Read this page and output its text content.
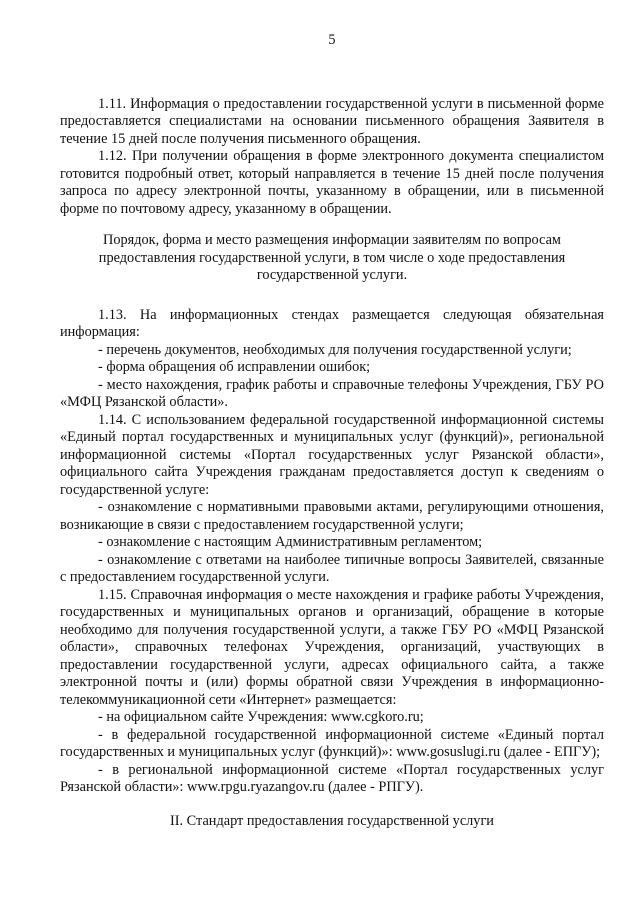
5

1.11. Информация о предоставлении государственной услуги в письменной форме предоставляется специалистами на основании письменного обращения Заявителя в течение 15 дней после получения письменного обращения.

1.12. При получении обращения в форме электронного документа специалистом готовится подробный ответ, который направляется в течение 15 дней после получения запроса по адресу электронной почты, указанному в обращении, или в письменной форме по почтовому адресу, указанному в обращении.

Порядок, форма и место размещения информации заявителям по вопросам предоставления государственной услуги, в том числе о ходе предоставления государственной услуги.

1.13. На информационных стендах размещается следующая обязательная информация:

- перечень документов, необходимых для получения государственной услуги;

- форма обращения об исправлении ошибок;

- место нахождения, график работы и справочные телефоны Учреждения, ГБУ РО «МФЦ Рязанской области».

1.14. С использованием федеральной государственной информационной системы «Единый портал государственных и муниципальных услуг (функций)», региональной информационной системы «Портал государственных услуг Рязанской области», официального сайта Учреждения гражданам предоставляется доступ к сведениям о государственной услуге:

- ознакомление с нормативными правовыми актами, регулирующими отношения, возникающие в связи с предоставлением государственной услуги;

- ознакомление с настоящим Административным регламентом;

- ознакомление с ответами на наиболее типичные вопросы Заявителей, связанные с предоставлением государственной услуги.

1.15. Справочная информация о месте нахождения и графике работы Учреждения, государственных и муниципальных органов и организаций, обращение в которые необходимо для получения государственной услуги, а также ГБУ РО «МФЦ Рязанской области», справочных телефонах Учреждения, организаций, участвующих в предоставлении государственной услуги, адресах официального сайта, а также электронной почты и (или) формы обратной связи Учреждения в информационно-телекоммуникационной сети «Интернет» размещается:

- на официальном сайте Учреждения: www.cgkoro.ru;

- в федеральной государственной информационной системе «Единый портал государственных и муниципальных услуг (функций)»: www.gosuslugi.ru (далее - ЕПГУ);

- в региональной информационной системе «Портал государственных услуг Рязанской области»: www.rpgu.ryazangov.ru (далее - РПГУ).

II. Стандарт предоставления государственной услуги
